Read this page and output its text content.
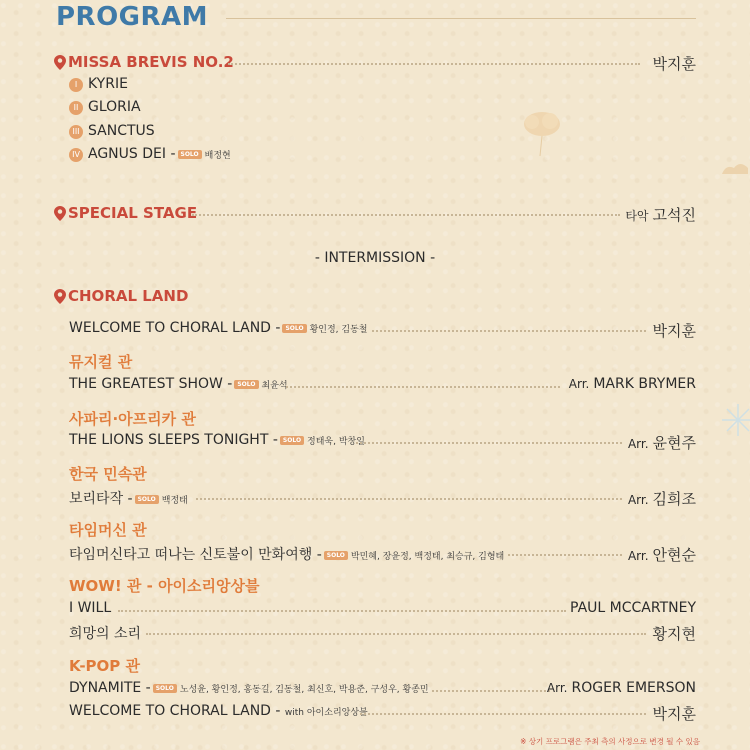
PROGRAM
MISSA BREVIS NO.2	박지훈
I KYRIE
II GLORIA
III SANCTUS
IV AGNUS DEI - SOLO 배정현
SPECIAL STAGE	타악 고석진
- INTERMISSION -
CHORAL LAND
WELCOME TO CHORAL LAND - SOLO 황인정, 김동철	박지훈
뮤지컬 관
THE GREATEST SHOW - SOLO 최윤석	Arr. MARK BRYMER
사파리·아프리카 관
THE LIONS SLEEPS TONIGHT - SOLO 정태욱, 박창일	Arr. 윤현주
한국 민속관
보리타작 - SOLO 백정태	Arr. 김희조
타임머신 관
타임머신타고 떠나는 신토불이 만화여행 - SOLO 박민혜, 장윤정, 백정태, 최승규, 김형태	Arr. 안현순
WOW! 관 - 아이소리앙상블
I WILL	PAUL MCCARTNEY
희망의 소리	황지현
K-POP 관
DYNAMITE - SOLO 노성윤, 황인정, 홍동길, 김동철, 최신호, 박용준, 구성우, 황종민	Arr. ROGER EMERSON
WELCOME TO CHORAL LAND - with 아이소리앙상블	박지훈
※ 상기 프로그램은 주최 측의 사정으로 변경 될 수 있음
